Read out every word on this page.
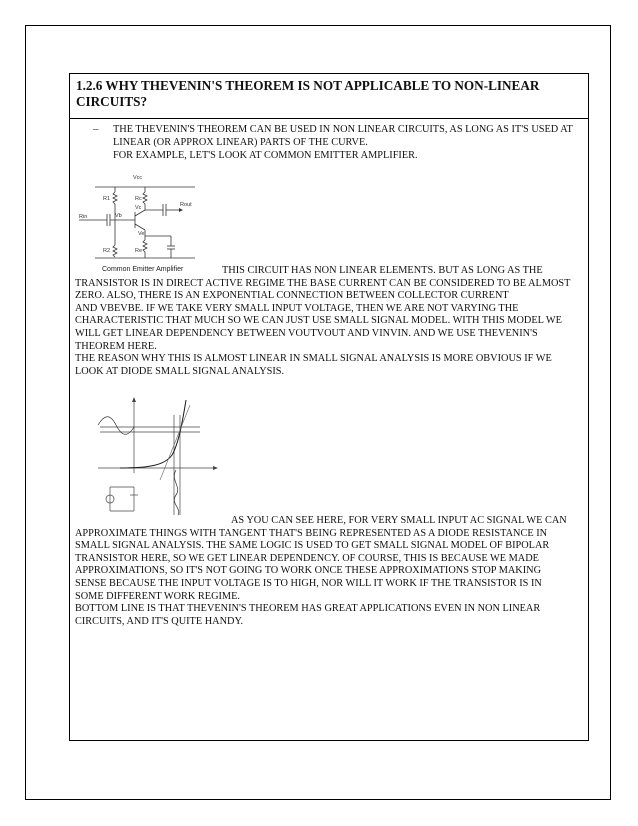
1.2.6 WHY THEVENIN'S THEOREM IS NOT APPLICABLE TO NON-LINEAR
CIRCUITS?
– THE THEVENIN'S THEOREM CAN BE USED IN NON LINEAR CIRCUITS, AS LONG AS IT'S USED AT
LINEAR (OR APPROX LINEAR) PARTS OF THE CURVE.
FOR EXAMPLE, LET'S LOOK AT COMMON EMITTER AMPLIFIER.

Vcc
R1	Rc
Vc	Rout
Rin	Vb
Ve
R2	Re
Common Emitter Amplifier	THIS CIRCUIT HAS NON LINEAR ELEMENTS. BUT AS LONG AS THE
TRANSISTOR IS IN DIRECT ACTIVE REGIME THE BASE CURRENT CAN BE CONSIDERED TO BE ALMOST
ZERO. ALSO, THERE IS AN EXPONENTIAL CONNECTION BETWEEN COLLECTOR CURRENT
AND VBEVBE. IF WE TAKE VERY SMALL INPUT VOLTAGE, THEN WE ARE NOT VARYING THE
CHARACTERISTIC THAT MUCH SO WE CAN JUST USE SMALL SIGNAL MODEL. WITH THIS MODEL WE
WILL GET LINEAR DEPENDENCY BETWEEN VOUTVOUT AND VINVIN. AND WE USE THEVENIN'S
THEOREM HERE.
THE REASON WHY THIS IS ALMOST LINEAR IN SMALL SIGNAL ANALYSIS IS MORE OBVIOUS IF WE
LOOK AT DIODE SMALL SIGNAL ANALYSIS.

AS YOU CAN SEE HERE, FOR VERY SMALL INPUT AC SIGNAL WE CAN
APPROXIMATE THINGS WITH TANGENT THAT'S BEING REPRESENTED AS A DIODE RESISTANCE IN
SMALL SIGNAL ANALYSIS. THE SAME LOGIC IS USED TO GET SMALL SIGNAL MODEL OF BIPOLAR
TRANSISTOR HERE, SO WE GET LINEAR DEPENDENCY. OF COURSE, THIS IS BECAUSE WE MADE
APPROXIMATIONS, SO IT'S NOT GOING TO WORK ONCE THESE APPROXIMATIONS STOP MAKING
SENSE BECAUSE THE INPUT VOLTAGE IS TO HIGH, NOR WILL IT WORK IF THE TRANSISTOR IS IN
SOME DIFFERENT WORK REGIME.
BOTTOM LINE IS THAT THEVENIN'S THEOREM HAS GREAT APPLICATIONS EVEN IN NON LINEAR
CIRCUITS, AND IT'S QUITE HANDY.
